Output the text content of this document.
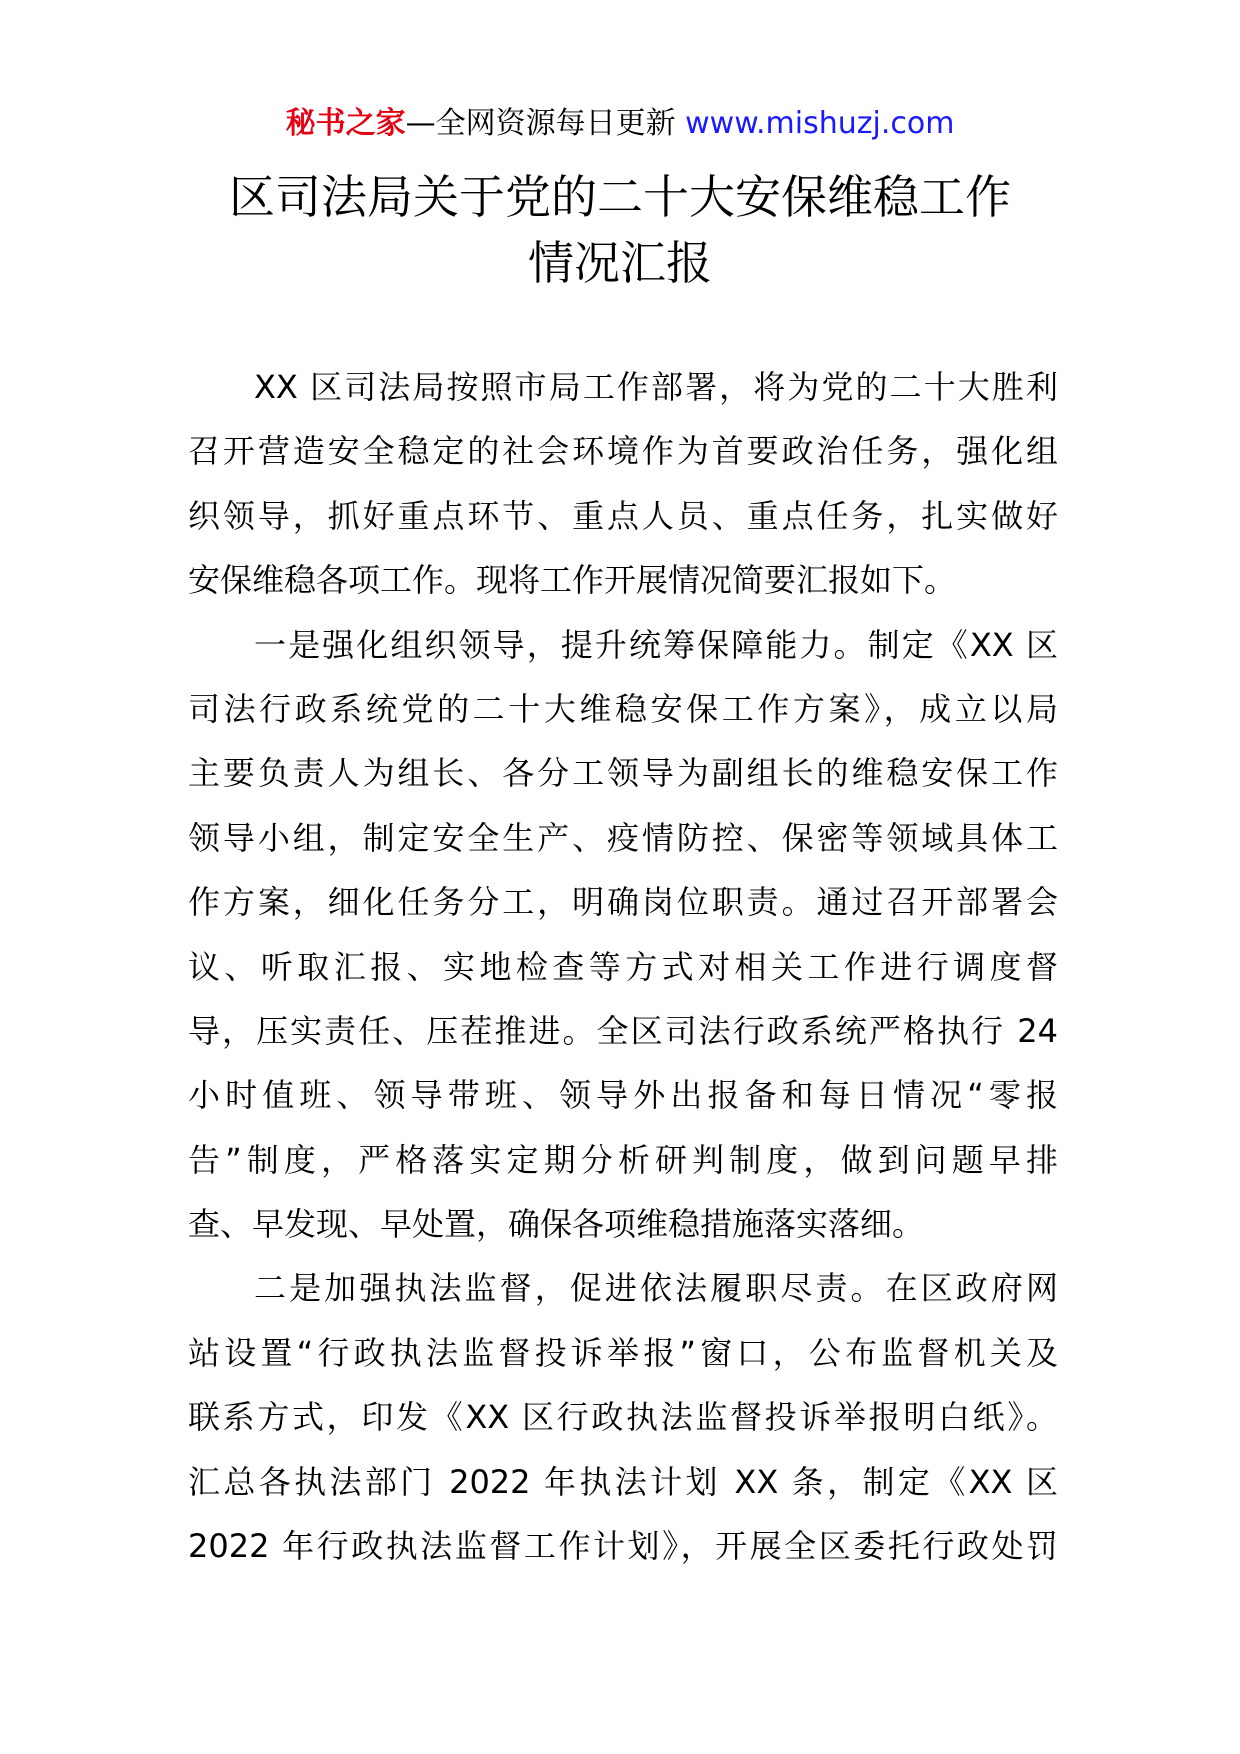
秘书之家—全网资源每日更新 www.mishuzj.com
区司法局关于党的二十大安保维稳工作
情况汇报
XX 区司法局按照市局工作部署，将为党的二十大胜利
召开营造安全稳定的社会环境作为首要政治任务，强化组
织领导，抓好重点环节、重点人员、重点任务，扎实做好
安保维稳各项工作。现将工作开展情况简要汇报如下。
一是强化组织领导，提升统筹保障能力。制定《XX 区
司法行政系统党的二十大维稳安保工作方案》，成立以局
主要负责人为组长、各分工领导为副组长的维稳安保工作
领导小组，制定安全生产、疫情防控、保密等领域具体工
作方案，细化任务分工，明确岗位职责。通过召开部署会
议、听取汇报、实地检查等方式对相关工作进行调度督
导，压实责任、压茬推进。全区司法行政系统严格执行 24
小时值班、领导带班、领导外出报备和每日情况“零报
告”制度，严格落实定期分析研判制度，做到问题早排
查、早发现、早处置，确保各项维稳措施落实落细。
二是加强执法监督，促进依法履职尽责。在区政府网
站设置“行政执法监督投诉举报”窗口，公布监督机关及
联系方式，印发《XX 区行政执法监督投诉举报明白纸》。
汇总各执法部门 2022 年执法计划 XX 条，制定《XX 区
2022 年行政执法监督工作计划》，开展全区委托行政处罚
